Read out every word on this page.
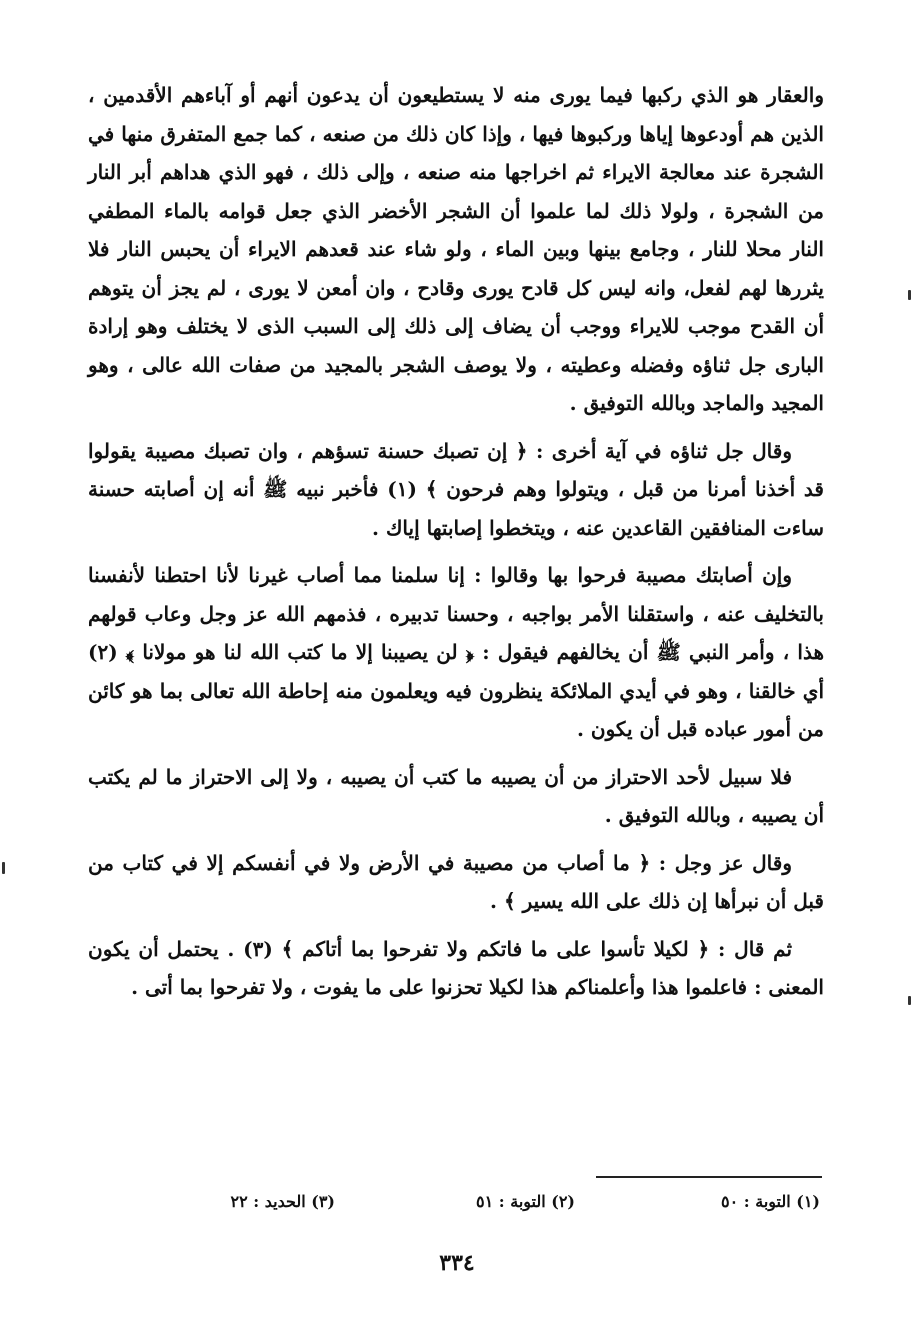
والعقار هو الذي ركبها فيما يورى منه لا يستطيعون أن يدعون أنهم أو آباءهم الأقدمين ، الذين هم أودعوها إياها وركبوها فيها ، وإذا كان ذلك من صنعه ، كما جمع المتفرق منها في الشجرة عند معالجة الايراء ثم اخراجها منه صنعه ، وإلى ذلك ، فهو الذي هداهم أبر النار من الشجرة ، ولولا ذلك لما علموا أن الشجر الأخضر الذي جعل قوامه بالماء المطفي النار محلا للنار ، وجامع بينها وبين الماء ، ولو شاء عند قعدهم الايراء أن يحبس النار فلا يثررها لهم لفعل، وانه ليس كل قادح يورى وقادح ، وان أمعن لا يورى ، لم يجز أن يتوهم أن القدح موجب للايراء ووجب أن يضاف إلى ذلك إلى السبب الذى لا يختلف وهو إرادة البارى جل ثناؤه وفضله وعطيته ، ولا يوصف الشجر بالمجيد من صفات الله عالى ، وهو المجيد والماجد وبالله التوفيق .

وقال جل ثناؤه في آية أخرى : ﴿ إن تصبك حسنة تسؤهم ، وان تصبك مصيبة يقولوا قد أخذنا أمرنا من قبل ، ويتولوا وهم فرحون ﴾ (١) فأخبر نبيه ﷺ أنه إن أصابته حسنة ساءت المنافقين القاعدين عنه ، ويتخطوا إصابتها إياك .

وإن أصابتك مصيبة فرحوا بها وقالوا : إنا سلمنا مما أصاب غيرنا لأنا احتطنا لأنفسنا بالتخليف عنه ، واستقلنا الأمر بواجبه ، وحسنا تدبيره ، فذمهم الله عز وجل وعاب قولهم هذا ، وأمر النبي ﷺ أن يخالفهم فيقول : ﴿ لن يصيبنا إلا ما كتب الله لنا هو مولانا ﴾ (٢) أي خالقنا ، وهو في أيدي الملائكة ينظرون فيه ويعلمون منه إحاطة الله تعالى بما هو كائن من أمور عباده قبل أن يكون .

فلا سبيل لأحد الاحتراز من أن يصيبه ما كتب أن يصيبه ، ولا إلى الاحتراز ما لم يكتب أن يصيبه ، وبالله التوفيق .

وقال عز وجل : ﴿ ما أصاب من مصيبة في الأرض ولا في أنفسكم إلا في كتاب من قبل أن نبرأها إن ذلك على الله يسير ﴾ .

ثم قال : ﴿ لكيلا تأسوا على ما فاتكم ولا تفرحوا بما أتاكم ﴾ (٣) . يحتمل أن يكون المعنى : فاعلموا هذا وأعلمناكم هذا لكيلا تحزنوا على ما يفوت ، ولا تفرحوا بما أتى .

(١) التوبة : ٥٠
(٢) التوبة : ٥١
(٣) الحديد : ٢٢
٣٣٤
